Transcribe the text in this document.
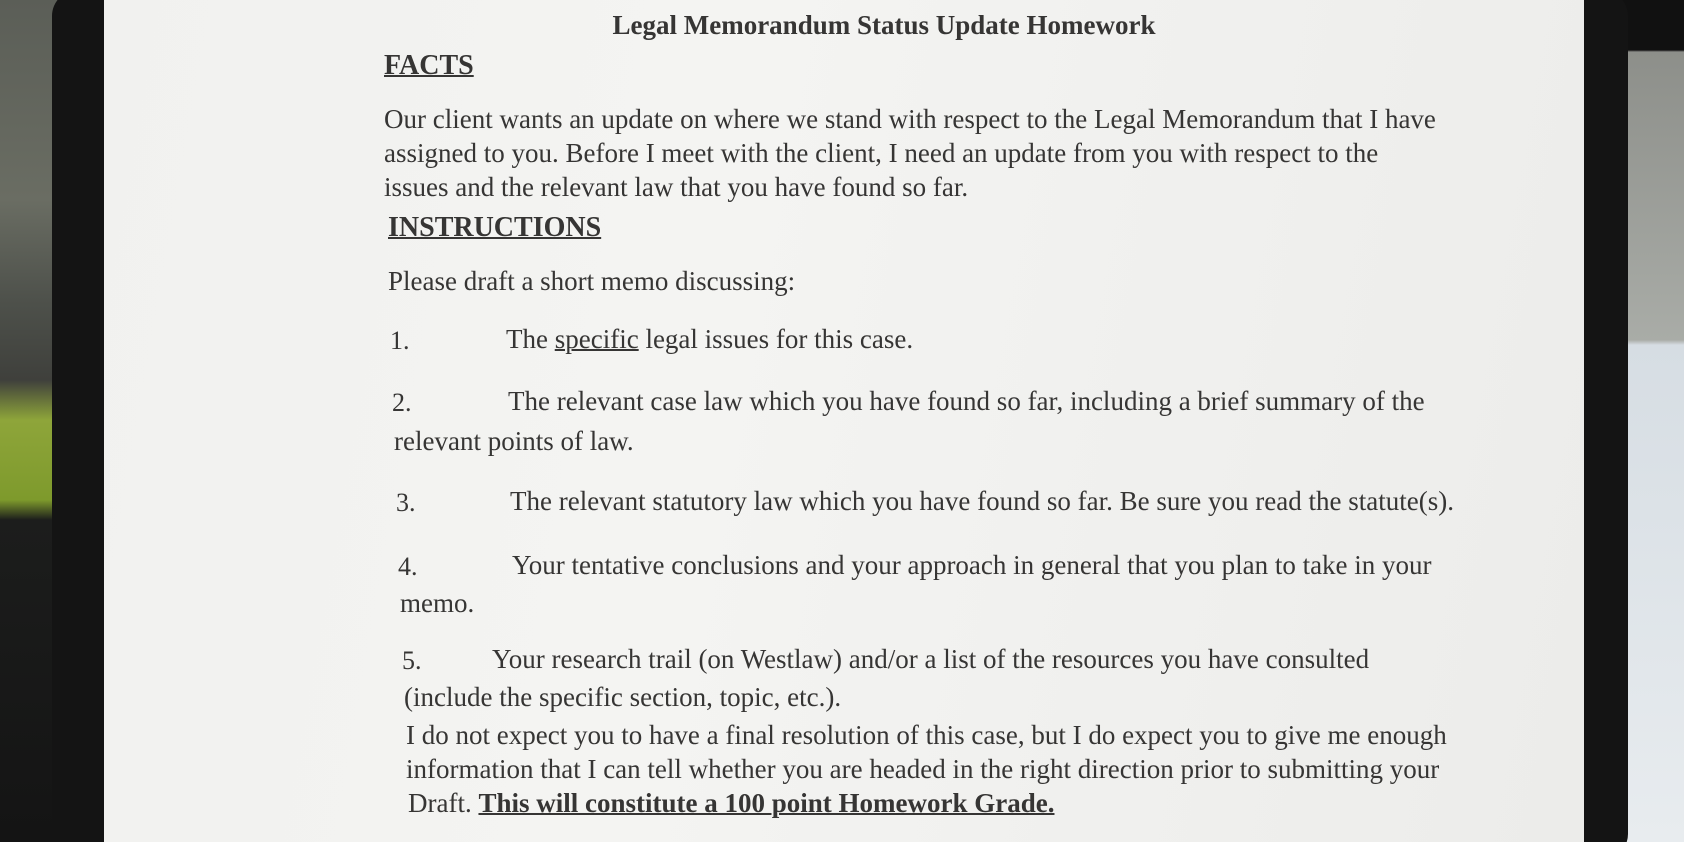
Legal Memorandum Status Update Homework
FACTS
Our client wants an update on where we stand with respect to the Legal Memorandum that I have
assigned to you. Before I meet with the client, I need an update from you with respect to the
issues and the relevant law that you have found so far.
INSTRUCTIONS
Please draft a short memo discussing:
1.	The specific legal issues for this case.
2.	The relevant case law which you have found so far, including a brief summary of the
relevant points of law.
3.	The relevant statutory law which you have found so far. Be sure you read the statute(s).
4.	Your tentative conclusions and your approach in general that you plan to take in your
memo.
5.	Your research trail (on Westlaw) and/or a list of the resources you have consulted
(include the specific section, topic, etc.).
I do not expect you to have a final resolution of this case, but I do expect you to give me enough
information that I can tell whether you are headed in the right direction prior to submitting your
Draft. This will constitute a 100 point Homework Grade.
